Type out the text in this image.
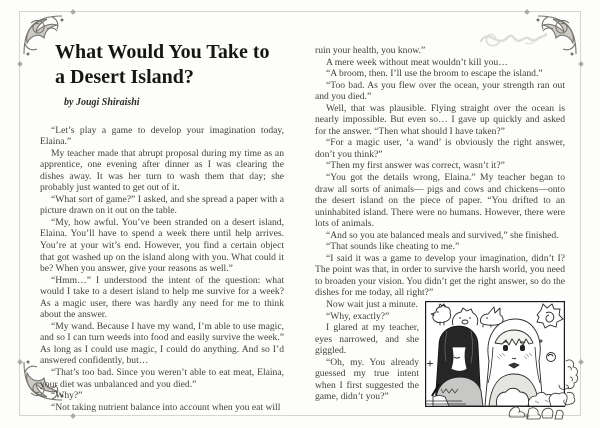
What Would You Take to
a Desert Island?
by Jougi Shiraishi

“Let’s play a game to develop your imagination today, Elaina.”

My teacher made that abrupt proposal during my time as an apprentice, one evening after dinner as I was clearing the dishes away. It was her turn to wash them that day; she probably just wanted to get out of it.

“What sort of game?” I asked, and she spread a paper with a picture drawn on it out on the table.

“My, how awful. You’ve been stranded on a desert island, Elaina. You’ll have to spend a week there until help arrives. You’re at your wit’s end. However, you find a certain object that got washed up on the island along with you. What could it be? When you answer, give your reasons as well.”

“Hmm…” I understood the intent of the question: what would I take to a desert island to help me survive for a week? As a magic user, there was hardly any need for me to think about the answer.

“My wand. Because I have my wand, I’m able to use magic, and so I can turn weeds into food and easily survive the week.” As long as I could use magic, I could do anything. And so I’d answered confidently, but…

“That’s too bad. Since you weren’t able to eat meat, Elaina, your diet was unbalanced and you died.”

“Why?”

“Not taking nutrient balance into account when you eat will

ruin your health, you know.”

A mere week without meat wouldn’t kill you…

“A broom, then. I’ll use the broom to escape the island.”

“Too bad. As you flew over the ocean, your strength ran out and you died.”

Well, that was plausible. Flying straight over the ocean is nearly impossible. But even so… I gave up quickly and asked for the answer. “Then what should I have taken?”

“For a magic user, ‘a wand’ is obviously the right answer, don’t you think?”

“Then my first answer was correct, wasn’t it?”

“You got the details wrong, Elaina.” My teacher began to draw all sorts of animals— pigs and cows and chickens—onto the desert island on the piece of paper. “You drifted to an uninhabited island. There were no humans. However, there were lots of animals.

“And so you ate balanced meals and survived,” she finished.

“That sounds like cheating to me.”

“I said it was a game to develop your imagination, didn’t I? The point was that, in order to survive the harsh world, you need to broaden your vision. You didn’t get the right answer, so do the dishes for me today, all right?”

Now wait just a minute.

“Why, exactly?”

I glared at my teacher, eyes narrowed, and she giggled.

“Oh, my. You already guessed my true intent when I first suggested the game, didn’t you?”
